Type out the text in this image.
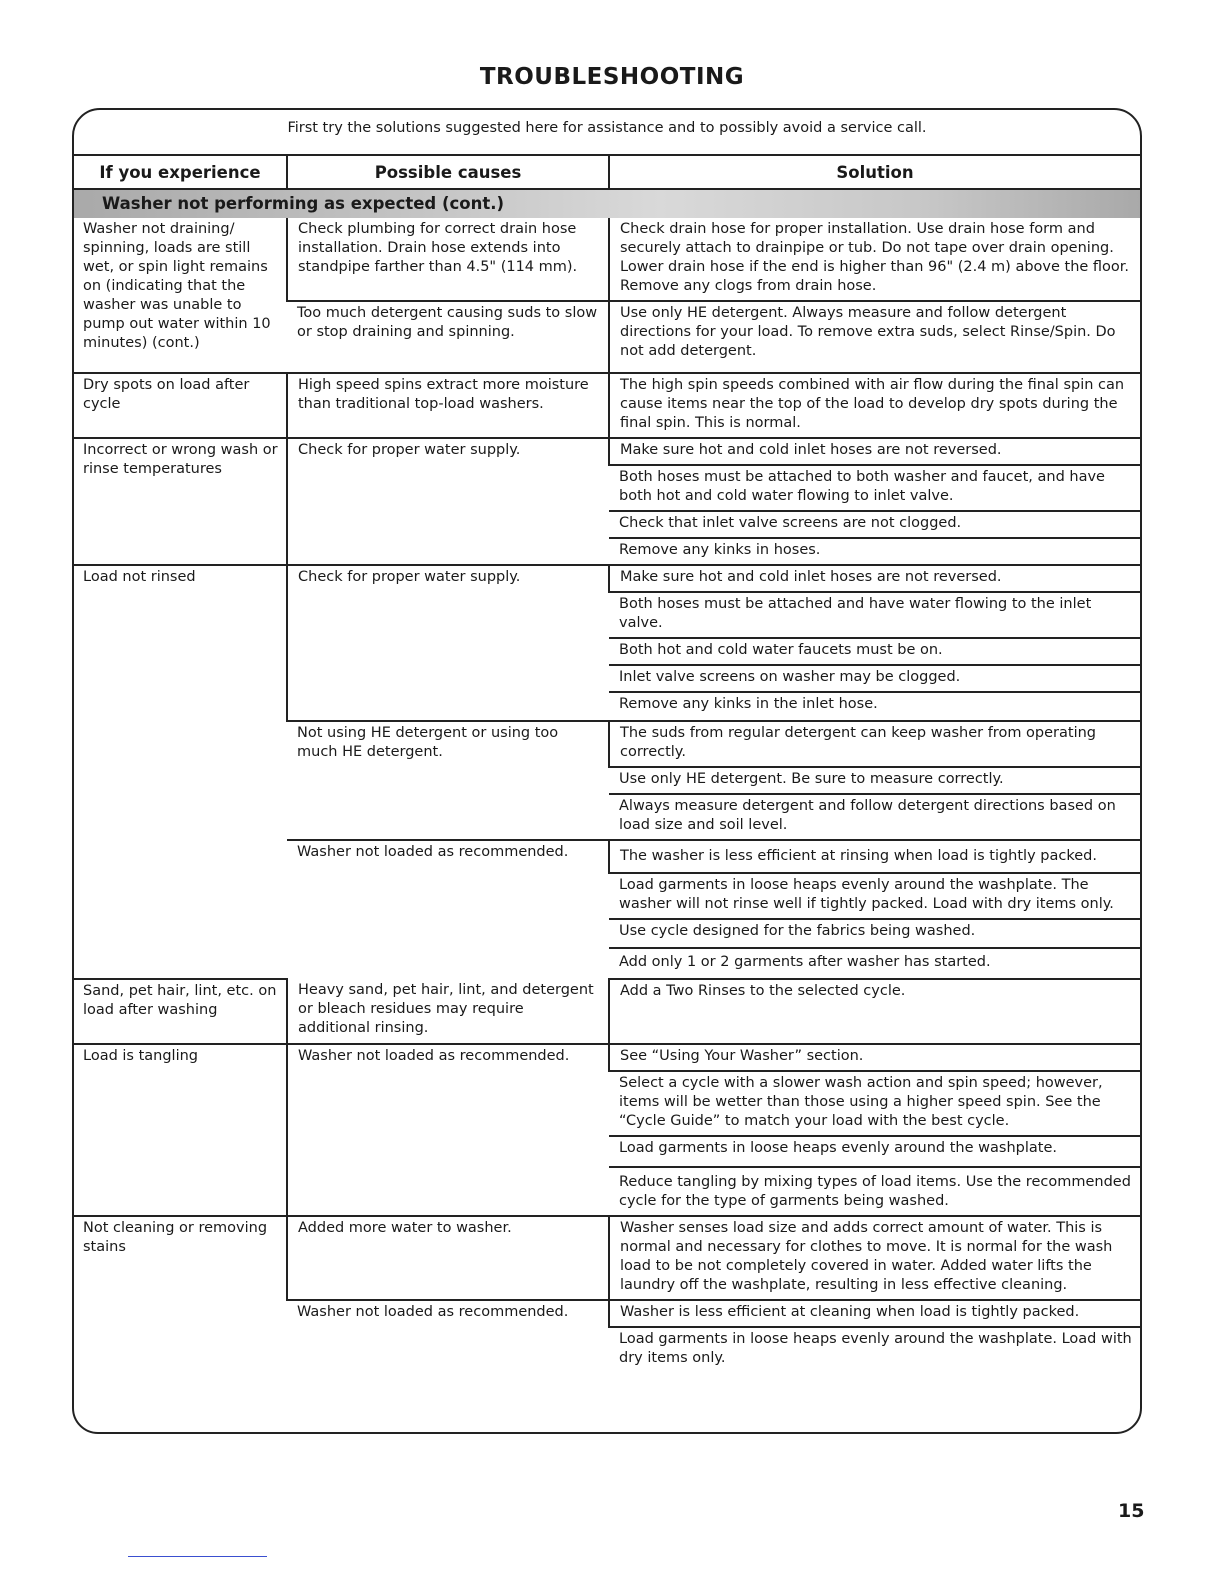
TROUBLESHOOTING
First try the solutions suggested here for assistance and to possibly avoid a service call.
If you experience	Possible causes	Solution
Washer not performing as expected (cont.)		
Washer not draining/ spinning, loads are still wet, or spin light remains on (indicating that the washer was unable to pump out water within 10 minutes) (cont.)	Check plumbing for correct drain hose installation. Drain hose extends into standpipe farther than 4.5" (114 mm).	Check drain hose for proper installation. Use drain hose form and securely attach to drainpipe or tub. Do not tape over drain opening. Lower drain hose if the end is higher than 96" (2.4 m) above the floor. Remove any clogs from drain hose.
	Too much detergent causing suds to slow or stop draining and spinning.	Use only HE detergent. Always measure and follow detergent directions for your load. To remove extra suds, select Rinse/Spin. Do not add detergent.
Dry spots on load after cycle	High speed spins extract more moisture than traditional top-load washers.	The high spin speeds combined with air flow during the final spin can cause items near the top of the load to develop dry spots during the final spin. This is normal.
Incorrect or wrong wash or rinse temperatures	Check for proper water supply.	Make sure hot and cold inlet hoses are not reversed.
		Both hoses must be attached to both washer and faucet, and have both hot and cold water flowing to inlet valve.
		Check that inlet valve screens are not clogged.
		Remove any kinks in hoses.
Load not rinsed	Check for proper water supply.	Make sure hot and cold inlet hoses are not reversed.
		Both hoses must be attached and have water flowing to the inlet valve.
		Both hot and cold water faucets must be on.
		Inlet valve screens on washer may be clogged.
		Remove any kinks in the inlet hose.
	Not using HE detergent or using too much HE detergent.	The suds from regular detergent can keep washer from operating correctly.
		Use only HE detergent. Be sure to measure correctly.
		Always measure detergent and follow detergent directions based on load size and soil level.
	Washer not loaded as recommended.	The washer is less efficient at rinsing when load is tightly packed.
		Load garments in loose heaps evenly around the washplate. The washer will not rinse well if tightly packed. Load with dry items only.
		Use cycle designed for the fabrics being washed.
		Add only 1 or 2 garments after washer has started.
Sand, pet hair, lint, etc. on load after washing	Heavy sand, pet hair, lint, and detergent or bleach residues may require additional rinsing.	Add a Two Rinses to the selected cycle.
Load is tangling	Washer not loaded as recommended.	See “Using Your Washer” section.
		Select a cycle with a slower wash action and spin speed; however, items will be wetter than those using a higher speed spin. See the “Cycle Guide” to match your load with the best cycle.
		Load garments in loose heaps evenly around the washplate.
		Reduce tangling by mixing types of load items. Use the recommended cycle for the type of garments being washed.
Not cleaning or removing stains	Added more water to washer.	Washer senses load size and adds correct amount of water. This is normal and necessary for clothes to move. It is normal for the wash load to be not completely covered in water. Added water lifts the laundry off the washplate, resulting in less effective cleaning.
	Washer not loaded as recommended.	Washer is less efficient at cleaning when load is tightly packed.
		Load garments in loose heaps evenly around the washplate. Load with dry items only.
15
